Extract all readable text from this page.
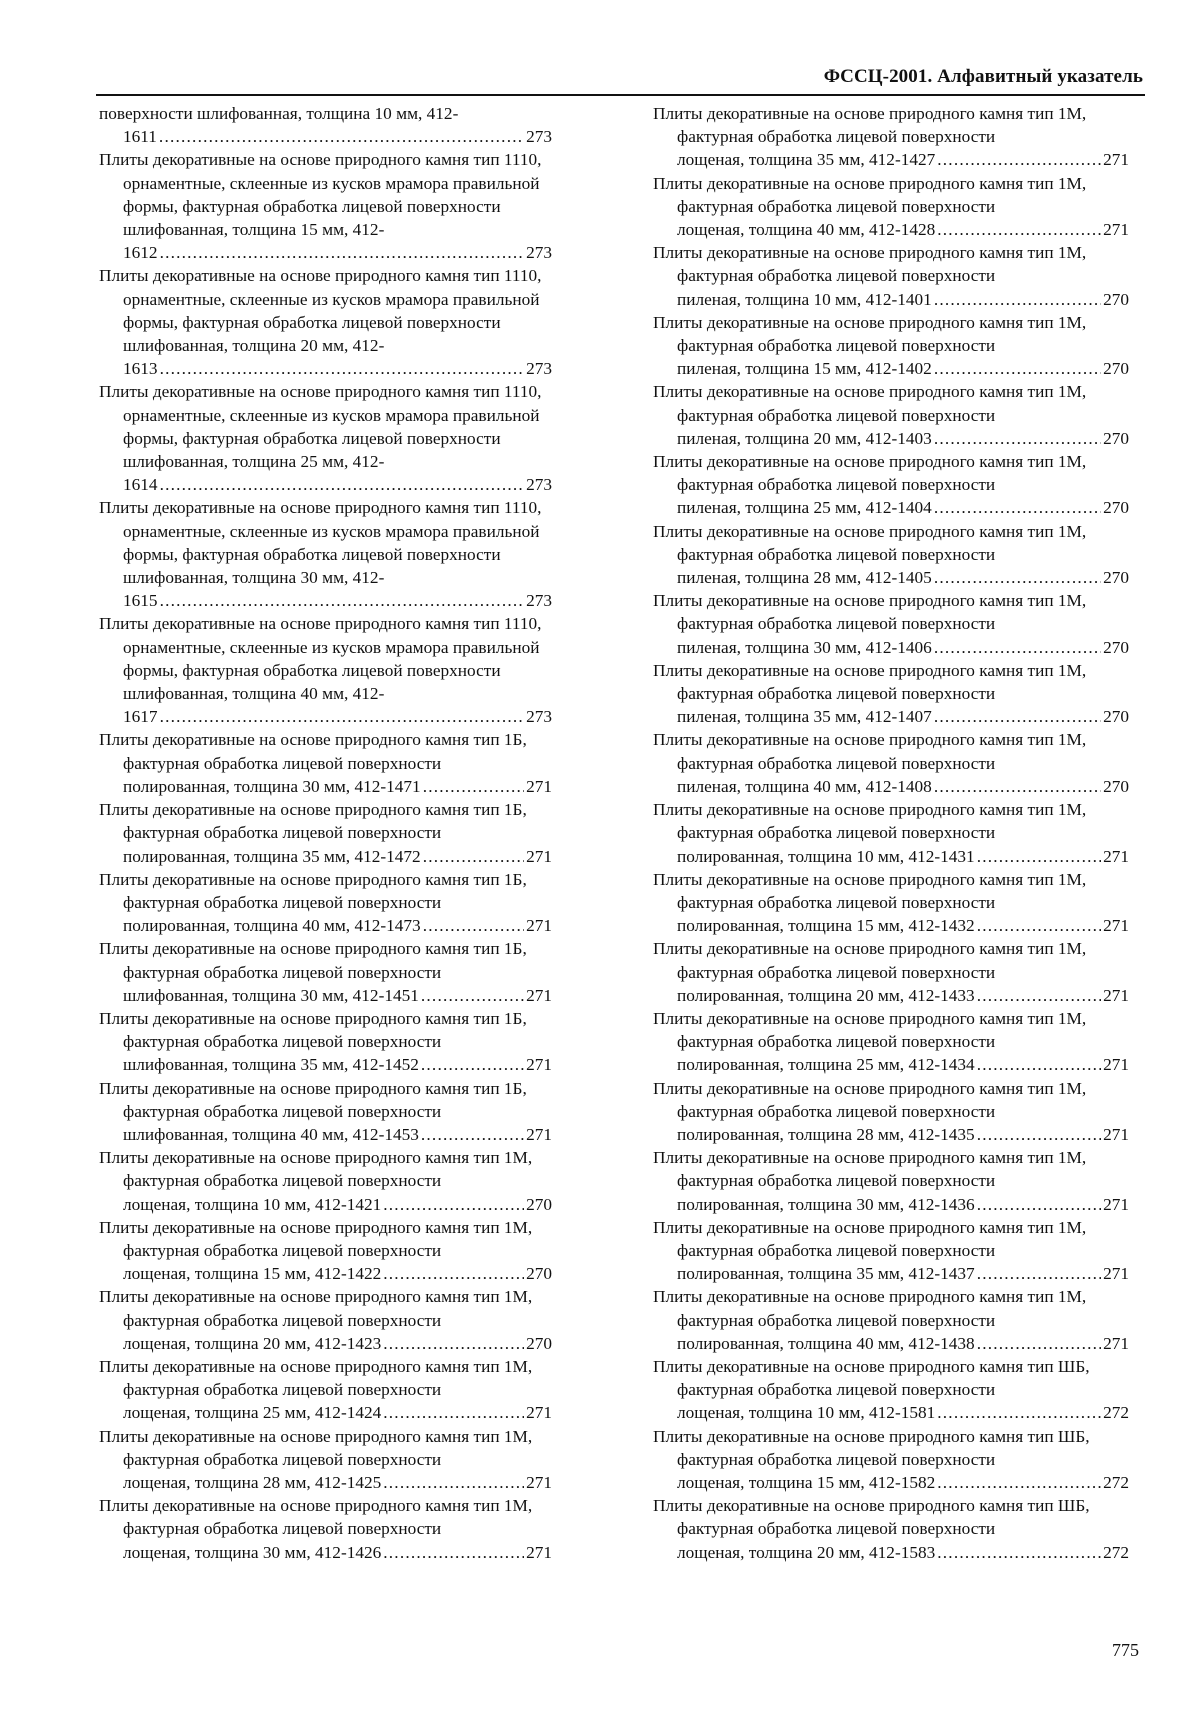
ФССЦ-2001. Алфавитный указатель
поверхности шлифованная, толщина 10 мм, 412-
1611 .....	273
Плиты декоративные на основе природного камня тип 1110, орнаментные, склеенные из кусков мрамора правильной формы, фактурная обработка лицевой поверхности шлифованная, толщина 15 мм, 412-
1612 .....	273
Плиты декоративные на основе природного камня тип 1110, орнаментные, склеенные из кусков мрамора правильной формы, фактурная обработка лицевой поверхности шлифованная, толщина 20 мм, 412-
1613 .....	273
Плиты декоративные на основе природного камня тип 1110, орнаментные, склеенные из кусков мрамора правильной формы, фактурная обработка лицевой поверхности шлифованная, толщина 25 мм, 412-
1614 .....	273
Плиты декоративные на основе природного камня тип 1110, орнаментные, склеенные из кусков мрамора правильной формы, фактурная обработка лицевой поверхности шлифованная, толщина 30 мм, 412-
1615 .....	273
Плиты декоративные на основе природного камня тип 1110, орнаментные, склеенные из кусков мрамора правильной формы, фактурная обработка лицевой поверхности шлифованная, толщина 40 мм, 412-
1617 .....	273
Плиты декоративные на основе природного камня тип 1Б, фактурная обработка лицевой поверхности
полированная, толщина 30 мм, 412-1471 .....	271
Плиты декоративные на основе природного камня тип 1Б, фактурная обработка лицевой поверхности
полированная, толщина 35 мм, 412-1472 .....	271
Плиты декоративные на основе природного камня тип 1Б, фактурная обработка лицевой поверхности
полированная, толщина 40 мм, 412-1473 .....	271
Плиты декоративные на основе природного камня тип 1Б, фактурная обработка лицевой поверхности
шлифованная, толщина 30 мм, 412-1451 .....	271
Плиты декоративные на основе природного камня тип 1Б, фактурная обработка лицевой поверхности
шлифованная, толщина 35 мм, 412-1452 .....	271
Плиты декоративные на основе природного камня тип 1Б, фактурная обработка лицевой поверхности
шлифованная, толщина 40 мм, 412-1453 .....	271
Плиты декоративные на основе природного камня тип 1М, фактурная обработка лицевой поверхности
лощеная, толщина 10 мм, 412-1421 .....	270
Плиты декоративные на основе природного камня тип 1М, фактурная обработка лицевой поверхности
лощеная, толщина 15 мм, 412-1422 .....	270
Плиты декоративные на основе природного камня тип 1М, фактурная обработка лицевой поверхности
лощеная, толщина 20 мм, 412-1423 .....	270
Плиты декоративные на основе природного камня тип 1М, фактурная обработка лицевой поверхности
лощеная, толщина 25 мм, 412-1424 .....	271
Плиты декоративные на основе природного камня тип 1М, фактурная обработка лицевой поверхности
лощеная, толщина 28 мм, 412-1425 .....	271
Плиты декоративные на основе природного камня тип 1М, фактурная обработка лицевой поверхности
лощеная, толщина 30 мм, 412-1426 .....	271
Плиты декоративные на основе природного камня тип 1М, фактурная обработка лицевой поверхности
лощеная, толщина 35 мм, 412-1427 .....	271
Плиты декоративные на основе природного камня тип 1М, фактурная обработка лицевой поверхности
лощеная, толщина 40 мм, 412-1428 .....	271
Плиты декоративные на основе природного камня тип 1М, фактурная обработка лицевой поверхности
пиленая, толщина 10 мм, 412-1401 .....	270
Плиты декоративные на основе природного камня тип 1М, фактурная обработка лицевой поверхности
пиленая, толщина 15 мм, 412-1402 .....	270
Плиты декоративные на основе природного камня тип 1М, фактурная обработка лицевой поверхности
пиленая, толщина 20 мм, 412-1403 .....	270
Плиты декоративные на основе природного камня тип 1М, фактурная обработка лицевой поверхности
пиленая, толщина 25 мм, 412-1404 .....	270
Плиты декоративные на основе природного камня тип 1М, фактурная обработка лицевой поверхности
пиленая, толщина 28 мм, 412-1405 .....	270
Плиты декоративные на основе природного камня тип 1М, фактурная обработка лицевой поверхности
пиленая, толщина 30 мм, 412-1406 .....	270
Плиты декоративные на основе природного камня тип 1М, фактурная обработка лицевой поверхности
пиленая, толщина 35 мм, 412-1407 .....	270
Плиты декоративные на основе природного камня тип 1М, фактурная обработка лицевой поверхности
пиленая, толщина 40 мм, 412-1408 .....	270
Плиты декоративные на основе природного камня тип 1М, фактурная обработка лицевой поверхности
полированная, толщина 10 мм, 412-1431 .....	271
Плиты декоративные на основе природного камня тип 1М, фактурная обработка лицевой поверхности
полированная, толщина 15 мм, 412-1432 .....	271
Плиты декоративные на основе природного камня тип 1М, фактурная обработка лицевой поверхности
полированная, толщина 20 мм, 412-1433 .....	271
Плиты декоративные на основе природного камня тип 1М, фактурная обработка лицевой поверхности
полированная, толщина 25 мм, 412-1434 .....	271
Плиты декоративные на основе природного камня тип 1М, фактурная обработка лицевой поверхности
полированная, толщина 28 мм, 412-1435 .....	271
Плиты декоративные на основе природного камня тип 1М, фактурная обработка лицевой поверхности
полированная, толщина 30 мм, 412-1436 .....	271
Плиты декоративные на основе природного камня тип 1М, фактурная обработка лицевой поверхности
полированная, толщина 35 мм, 412-1437 .....	271
Плиты декоративные на основе природного камня тип 1М, фактурная обработка лицевой поверхности
полированная, толщина 40 мм, 412-1438 .....	271
Плиты декоративные на основе природного камня тип ШБ, фактурная обработка лицевой поверхности
лощеная, толщина 10 мм, 412-1581 .....	272
Плиты декоративные на основе природного камня тип ШБ, фактурная обработка лицевой поверхности
лощеная, толщина 15 мм, 412-1582 .....	272
Плиты декоративные на основе природного камня тип ШБ, фактурная обработка лицевой поверхности
лощеная, толщина 20 мм, 412-1583 .....	272
775
